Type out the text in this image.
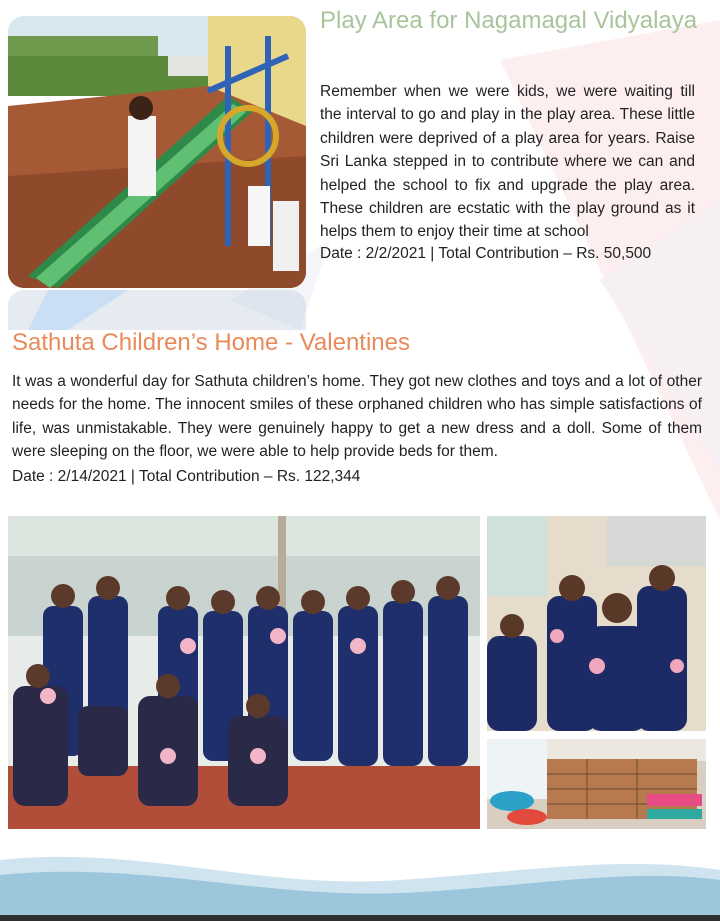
Play Area for Nagamagal Vidyalaya

Remember when we were kids, we were waiting till the interval to go and play in the play area. These little children were deprived of a play area for years. Raise Sri Lanka stepped in to contribute where we can and helped the school to fix and upgrade the play area. These children are ecstatic with the play ground as it helps them to enjoy their time at school

Date : 2/2/2021 | Total Contribution – Rs. 50,500

Sathuta Children’s Home - Valentines

It was a wonderful day for Sathuta children’s home. They got new clothes and toys and a lot of other needs for the home. The innocent smiles of these orphaned children who has simple satisfactions of life, was unmistakable. They were genuinely happy to get a new dress and a doll. Some of them were sleeping on the floor, we were able to help provide beds for them.

Date : 2/14/2021 | Total Contribution – Rs. 122,344
